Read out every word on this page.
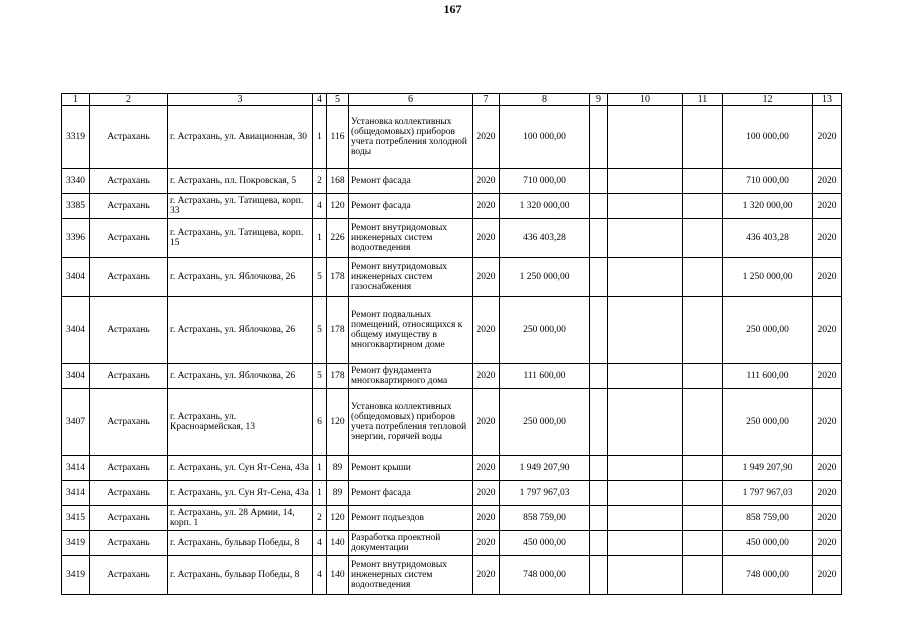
167
1	2	3	4	5	6	7	8	9	10	11	12	13
3319	Астрахань	г. Астрахань, ул. Авиационная, 30	1	116	Установка коллективных (общедомовых) приборов учета потребления холодной воды	2020	100 000,00				100 000,00	2020
3340	Астрахань	г. Астрахань, пл. Покровская, 5	2	168	Ремонт фасада	2020	710 000,00				710 000,00	2020
3385	Астрахань	г. Астрахань, ул. Татищева, корп. 33	4	120	Ремонт фасада	2020	1 320 000,00				1 320 000,00	2020
3396	Астрахань	г. Астрахань, ул. Татищева, корп. 15	1	226	Ремонт внутридомовых инженерных систем водоотведения	2020	436 403,28				436 403,28	2020
3404	Астрахань	г. Астрахань, ул. Яблочкова, 26	5	178	Ремонт внутридомовых инженерных систем газоснабжения	2020	1 250 000,00				1 250 000,00	2020
3404	Астрахань	г. Астрахань, ул. Яблочкова, 26	5	178	Ремонт подвальных помещений, относящихся к общему имуществу в многоквартирном доме	2020	250 000,00				250 000,00	2020
3404	Астрахань	г. Астрахань, ул. Яблочкова, 26	5	178	Ремонт фундамента многоквартирного дома	2020	111 600,00				111 600,00	2020
3407	Астрахань	г. Астрахань, ул. Красноармейская, 13	6	120	Установка коллективных (общедомовых) приборов учета потребления тепловой энергии, горячей воды	2020	250 000,00				250 000,00	2020
3414	Астрахань	г. Астрахань, ул. Сун Ят-Сена, 43а	1	89	Ремонт крыши	2020	1 949 207,90				1 949 207,90	2020
3414	Астрахань	г. Астрахань, ул. Сун Ят-Сена, 43а	1	89	Ремонт фасада	2020	1 797 967,03				1 797 967,03	2020
3415	Астрахань	г. Астрахань, ул. 28 Армии, 14, корп. 1	2	120	Ремонт подъездов	2020	858 759,00				858 759,00	2020
3419	Астрахань	г. Астрахань, бульвар Победы, 8	4	140	Разработка проектной документации	2020	450 000,00				450 000,00	2020
3419	Астрахань	г. Астрахань, бульвар Победы, 8	4	140	Ремонт внутридомовых инженерных систем водоотведения	2020	748 000,00				748 000,00	2020
